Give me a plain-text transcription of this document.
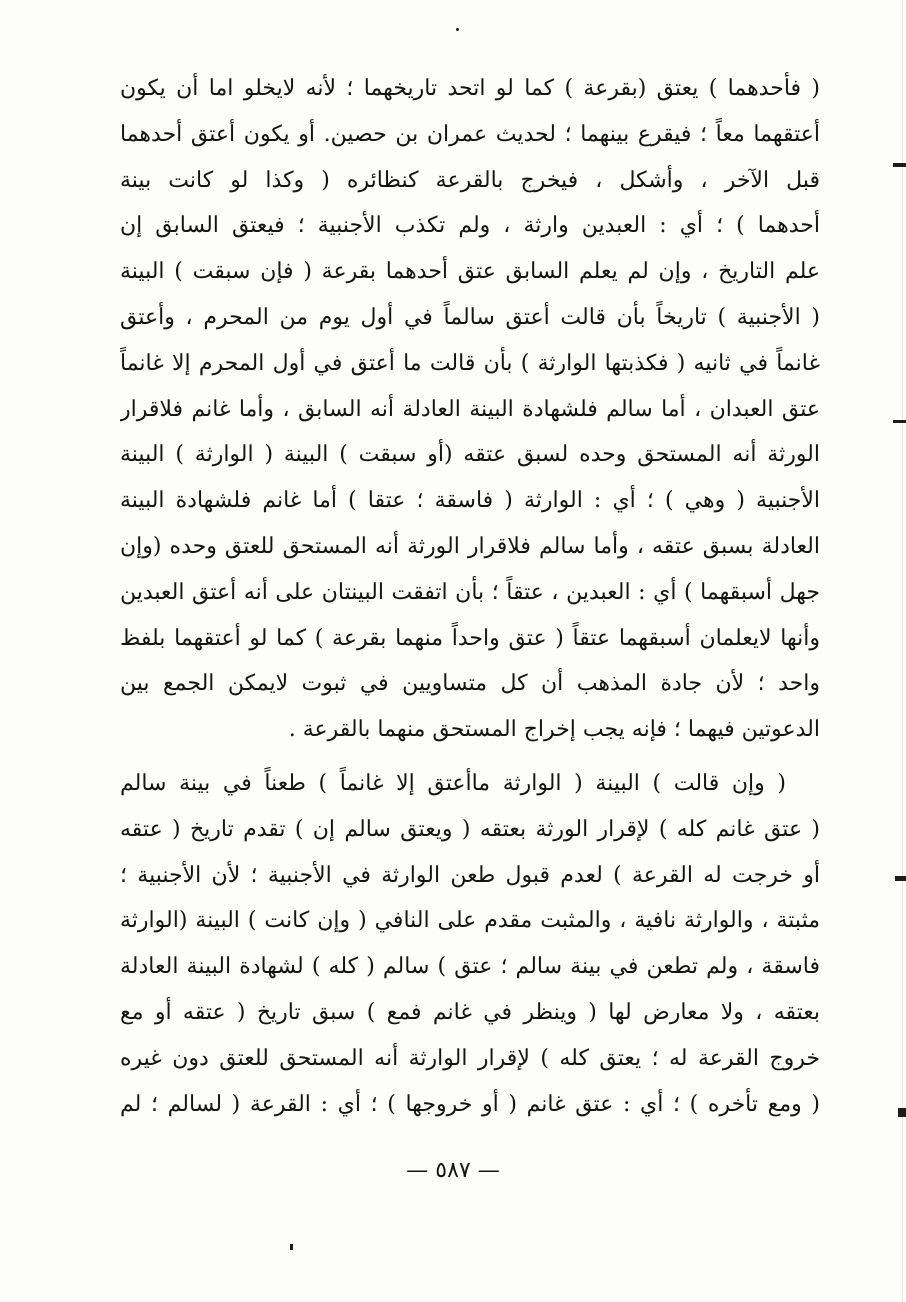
( فأحدهما ) يعتق (بقرعة ) كما لو اتحد تاريخهما ؛ لأنه لايخلو اما أن يكون
أعتقهما معاً ؛ فيقرع بينهما ؛ لحديث عمران بن حصين. أو يكون أعتق أحدهما
قبل الآخر ، وأشكل ، فيخرج بالقرعة كنظائره ( وكذا لو كانت بينة
أحدهما ) ؛ أي : العبدين وارثة ، ولم تكذب الأجنبية ؛ فيعتق السابق إن
علم التاريخ ، وإن لم يعلم السابق عتق أحدهما بقرعة ( فإن سبقت ) البينة
( الأجنبية ) تاريخاً بأن قالت أعتق سالماً في أول يوم من المحرم ، وأعتق
غانماً في ثانيه ( فكذبتها الوارثة ) بأن قالت ما أعتق في أول المحرم إلا غانماً
عتق العبدان ، أما سالم فلشهادة البينة العادلة أنه السابق ، وأما غانم فلاقرار
الورثة أنه المستحق وحده لسبق عتقه (أو سبقت ) البينة ( الوارثة ) البينة
الأجنبية ( وهي ) ؛ أي : الوارثة ( فاسقة ؛ عتقا ) أما غانم فلشهادة البينة
العادلة بسبق عتقه ، وأما سالم فلاقرار الورثة أنه المستحق للعتق وحده (وإن
جهل أسبقهما ) أي : العبدين ، عتقاً ؛ بأن اتفقت البينتان على أنه أعتق العبدين
وأنها لايعلمان أسبقهما عتقاً ( عتق واحداً منهما بقرعة ) كما لو أعتقهما بلفظ
واحد ؛ لأن جادة المذهب أن كل متساويين في ثبوت لايمكن الجمع بين
الدعوتين فيهما ؛ فإنه يجب إخراج المستحق منهما بالقرعة .
( وإن قالت ) البينة ( الوارثة ماأعتق إلا غانماً ) طعناً في بينة سالم
( عتق غانم كله ) لإقرار الورثة بعتقه ( ويعتق سالم إن ) تقدم تاريخ ( عتقه
أو خرجت له القرعة ) لعدم قبول طعن الوارثة في الأجنبية ؛ لأن الأجنبية ؛
مثبتة ، والوارثة نافية ، والمثبت مقدم على النافي ( وإن كانت ) البينة (الوارثة
فاسقة ، ولم تطعن في بينة سالم ؛ عتق ) سالم ( كله ) لشهادة البينة العادلة
بعتقه ، ولا معارض لها ( وينظر في غانم فمع ) سبق تاريخ ( عتقه أو مع
خروج القرعة له ؛ يعتق كله ) لإقرار الوارثة أنه المستحق للعتق دون غيره
( ومع تأخره ) ؛ أي : عتق غانم ( أو خروجها ) ؛ أي : القرعة ( لسالم ؛ لم
— ٥٨٧ —
